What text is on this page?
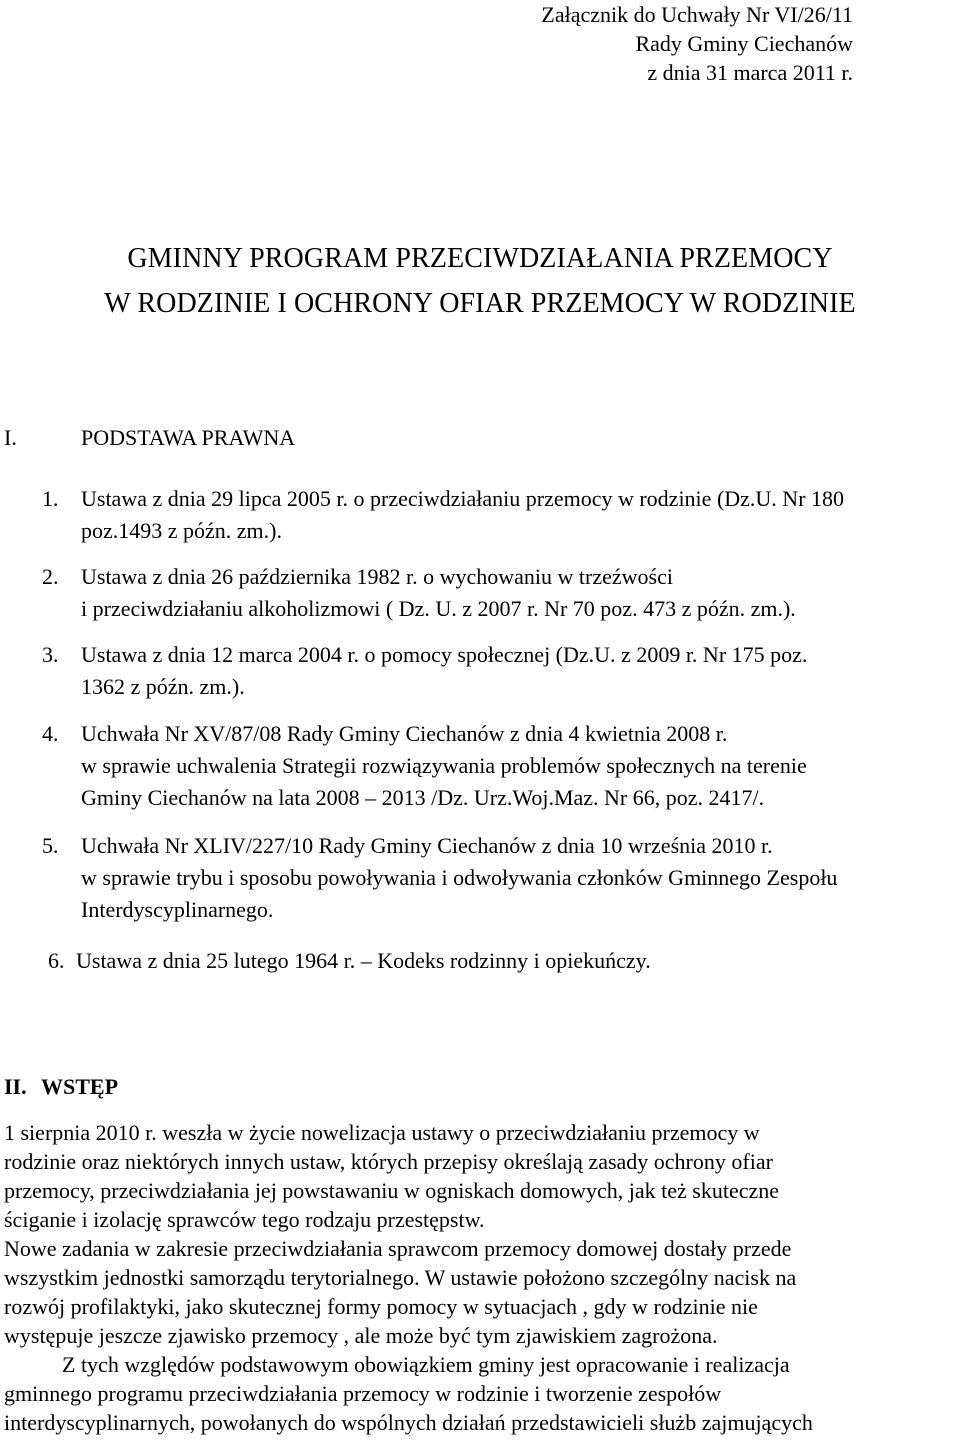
Załącznik do Uchwały Nr VI/26/11
Rady Gminy Ciechanów
z dnia 31 marca 2011 r.
GMINNY PROGRAM PRZECIWDZIAŁANIA PRZEMOCY
W RODZINIE I OCHRONY OFIAR PRZEMOCY W RODZINIE
I.	PODSTAWA PRAWNA
1. Ustawa z dnia 29 lipca 2005 r. o przeciwdziałaniu przemocy w rodzinie (Dz.U. Nr 180
poz.1493 z późn. zm.).
2. Ustawa z dnia 26 października 1982 r. o wychowaniu w trzeźwości
i przeciwdziałaniu alkoholizmowi ( Dz. U. z 2007 r. Nr 70 poz. 473 z późn. zm.).
3. Ustawa z dnia 12 marca 2004 r. o pomocy społecznej (Dz.U. z 2009 r. Nr 175 poz.
1362 z późn. zm.).
4. Uchwała Nr XV/87/08 Rady Gminy Ciechanów z dnia 4 kwietnia 2008 r.
w sprawie uchwalenia Strategii rozwiązywania problemów społecznych na terenie
Gminy Ciechanów na lata 2008 – 2013 /Dz. Urz.Woj.Maz. Nr 66, poz. 2417/.
5. Uchwała Nr XLIV/227/10 Rady Gminy Ciechanów z dnia 10 września 2010 r.
w sprawie trybu i sposobu powoływania i odwoływania członków Gminnego Zespołu
Interdyscyplinarnego.
6. Ustawa z dnia 25 lutego 1964 r. – Kodeks rodzinny i opiekuńczy.
II. WSTĘP

1 sierpnia 2010 r. weszła w życie nowelizacja ustawy o przeciwdziałaniu przemocy w
rodzinie oraz niektórych innych ustaw, których przepisy określają zasady ochrony ofiar
przemocy, przeciwdziałania jej powstawaniu w ogniskach domowych, jak też skuteczne
ściganie i izolację sprawców tego rodzaju przestępstw.

Nowe zadania w zakresie przeciwdziałania sprawcom przemocy domowej dostały przede
wszystkim jednostki samorządu terytorialnego. W ustawie położono szczególny nacisk na
rozwój profilaktyki, jako skutecznej formy pomocy w sytuacjach , gdy w rodzinie nie
występuje jeszcze zjawisko przemocy , ale może być tym zjawiskiem zagrożona.

Z tych względów podstawowym obowiązkiem gminy jest opracowanie i realizacja
gminnego programu przeciwdziałania przemocy w rodzinie i tworzenie zespołów
interdyscyplinarnych, powołanych do wspólnych działań przedstawicieli służb zajmujących
